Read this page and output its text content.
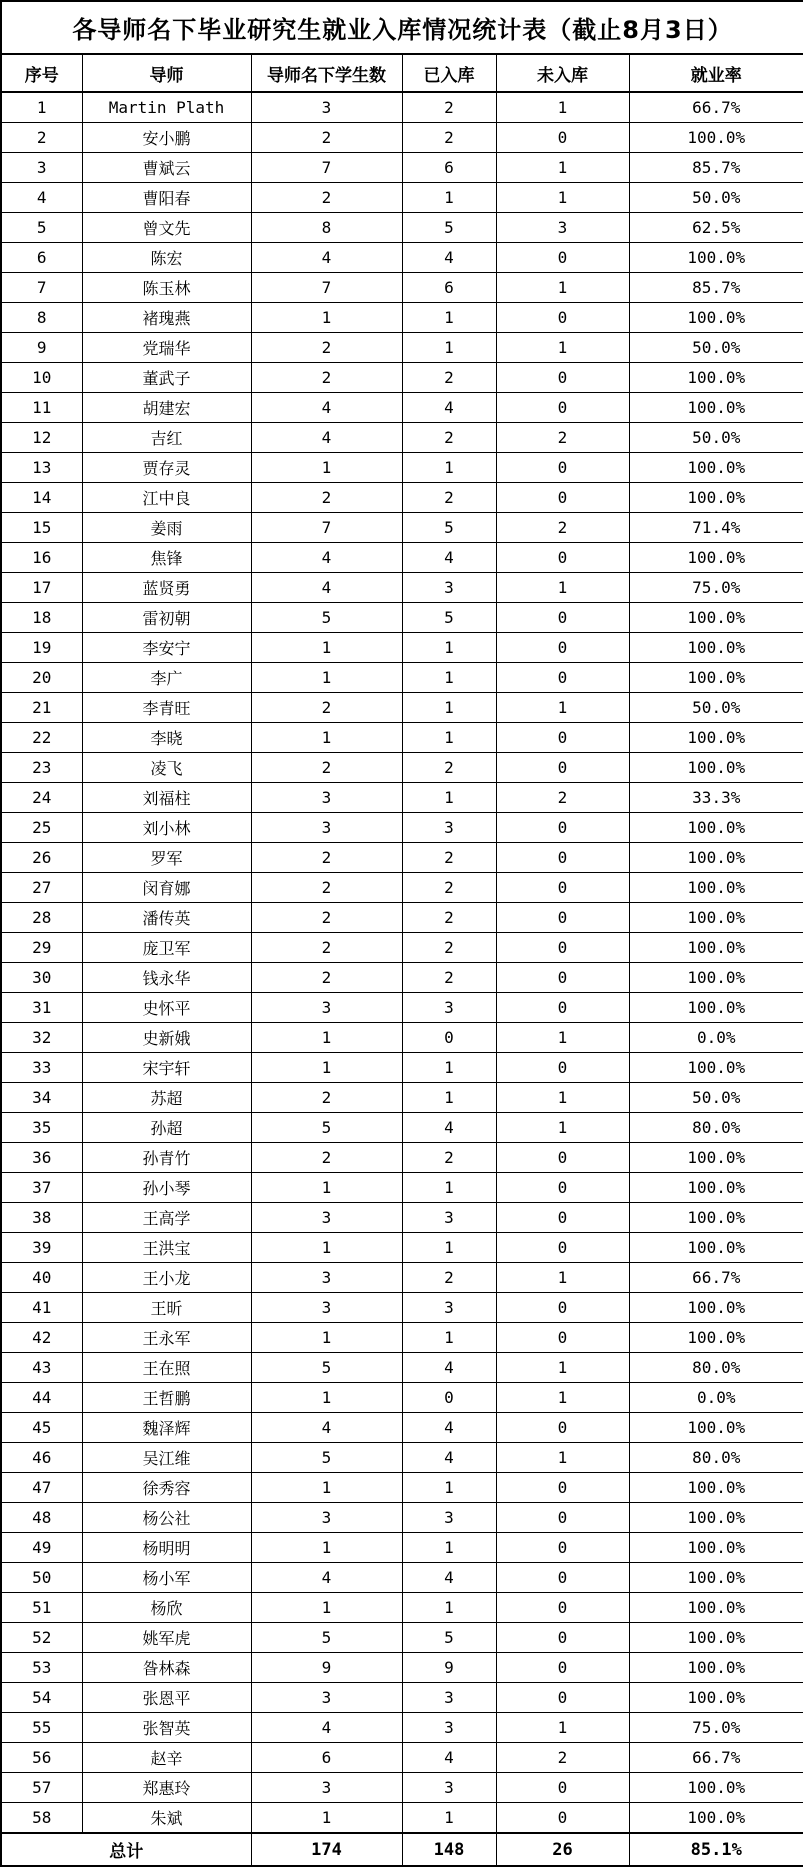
各导师名下毕业研究生就业入库情况统计表（截止8月3日）					
序号	导师	导师名下学生数	已入库	未入库	就业率
1	Martin Plath	3	2	1	66.7%
2	安小鹏	2	2	0	100.0%
3	曹斌云	7	6	1	85.7%
4	曹阳春	2	1	1	50.0%
5	曾文先	8	5	3	62.5%
6	陈宏	4	4	0	100.0%
7	陈玉林	7	6	1	85.7%
8	褚瑰燕	1	1	0	100.0%
9	党瑞华	2	1	1	50.0%
10	董武子	2	2	0	100.0%
11	胡建宏	4	4	0	100.0%
12	吉红	4	2	2	50.0%
13	贾存灵	1	1	0	100.0%
14	江中良	2	2	0	100.0%
15	姜雨	7	5	2	71.4%
16	焦锋	4	4	0	100.0%
17	蓝贤勇	4	3	1	75.0%
18	雷初朝	5	5	0	100.0%
19	李安宁	1	1	0	100.0%
20	李广	1	1	0	100.0%
21	李青旺	2	1	1	50.0%
22	李晓	1	1	0	100.0%
23	凌飞	2	2	0	100.0%
24	刘福柱	3	1	2	33.3%
25	刘小林	3	3	0	100.0%
26	罗军	2	2	0	100.0%
27	闵育娜	2	2	0	100.0%
28	潘传英	2	2	0	100.0%
29	庞卫军	2	2	0	100.0%
30	钱永华	2	2	0	100.0%
31	史怀平	3	3	0	100.0%
32	史新娥	1	0	1	0.0%
33	宋宇轩	1	1	0	100.0%
34	苏超	2	1	1	50.0%
35	孙超	5	4	1	80.0%
36	孙青竹	2	2	0	100.0%
37	孙小琴	1	1	0	100.0%
38	王高学	3	3	0	100.0%
39	王洪宝	1	1	0	100.0%
40	王小龙	3	2	1	66.7%
41	王昕	3	3	0	100.0%
42	王永军	1	1	0	100.0%
43	王在照	5	4	1	80.0%
44	王哲鹏	1	0	1	0.0%
45	魏泽辉	4	4	0	100.0%
46	吴江维	5	4	1	80.0%
47	徐秀容	1	1	0	100.0%
48	杨公社	3	3	0	100.0%
49	杨明明	1	1	0	100.0%
50	杨小军	4	4	0	100.0%
51	杨欣	1	1	0	100.0%
52	姚军虎	5	5	0	100.0%
53	昝林森	9	9	0	100.0%
54	张恩平	3	3	0	100.0%
55	张智英	4	3	1	75.0%
56	赵辛	6	4	2	66.7%
57	郑惠玲	3	3	0	100.0%
58	朱斌	1	1	0	100.0%
总计		174	148	26	85.1%
